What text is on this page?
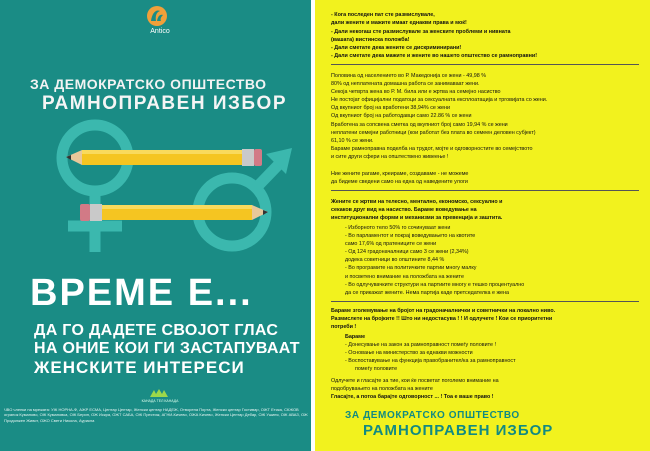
Antico
ЗА ДЕМОКРАТСКО ОПШТЕСТВО
РАМНОПРАВЕН ИЗБОР
ВРЕМЕ Е...
ДА ГО ДАДЕТЕ СВОЈОТ ГЛАС
НА ОНИЕ КОИ ГИ ЗАСТАПУВААТ
ЖЕНСКИТЕ ИНТЕРЕСИ
КАНАДА ТЕЛ КАНАДА
ЧВО членки на мрежата: УЖ НОРНА-Ф, АЖР ЕСМА, Центар Центар, Женски центар НАДЕЖ, Отворена Порта, Женски центар Гостивар, ОЖТ Етика, СКЖОВ огранок Куманово, ОЖ Кумановка, ОЖ Берин, ОЖ Искра, ОЖТ САБА, ОЖ Престиж, АГНИ-Кичево, ОЖА Кичево, Женски Центар Дебар, ОЖ Ушиня, ОЖ АВАЗ, ОЖ Продолжен Живот, ОЖО Свети Никола, Аурикла
- Кога последен пат сте размислувале,
дали жените и мажите имаат еднакви права и моќ!
- Дали некогаш сте размислувале за женските проблеми и нивната
(вашата) вистинска положба!
- Дали сметате дека жените се дискриминирани!
- Дали сметате дека мажите и жените во нашето општество се рамноправни!
Половина од населението во Р. Македонија се жени - 49,98 %
80% од неплатената домашна работа се занимаваат жени.
Секоја четврта жена во Р. М. била или е жртва на семејно насиство
Не постојат официјални податоци за сексуалната експлоатација и трговијата со жени.
Од вкупниот број на вработени 38,94% се жени
Од вкупниот број на работодавци само 22.86 % се жени
Вработена за сопсвена сметка од вкупниот број само 19,94 % се жени
неплатени семејни работници (кои работат без плата во семеен деловен субјект)
61,10 % се жени.
Бараме рамноправна поделба на трудот, мојте и одговорностите во семејството
и сите други сфери на општествено живеење !
Ние жените рагаме, креираме, создаваме - не можеме
да бидеме сведени само на една од наведените улоги
Жените се жртви на телесно, ментално, економско, сексуално и
секаков друг вид на насиство. Бараме воведување на
институционални форми и механизми за превенција и заштита.
- Изборното тело 50% го сочинуваат жени
- Во парламентот и покрај воведувањето на квотите
само 17,6% од пратениците се жени
- Од 124 градоначалници само 3 се жени (2,34%)
додека советници во општините 8,44 %
- Во програмите на политичките партии многу малку
и посветено внимание на положбата на жените
- Во одлучувачките структури на партиите многу е тешко процентуално
да се прикажат жените. Нема партија каде претседателка е жена
Бараме зголемување на бројот на градоначалнички и советнички на локално ниво.
Размислете на бројките !! Што ни недостасува ! ! И одлучете ! Кои се приоритетни
потреби !
Бараме
- Донесување на закон за рамноправност помеѓу половите !
- Основање на министерство за еднакви можности
- Воспоставување на функција правобранител/ка за рамноправност
помеѓу половите
Одлучете и гласајте за тие, кои ќе посветат поголемо внимание на
подобрувањето на положбата на жените
Гласајте, а потоа барајте одговорност ... ! Тоа е ваше право !
ЗА ДЕМОКРАТСКО ОПШТЕСТВО
РАМНОПРАВЕН ИЗБОР
